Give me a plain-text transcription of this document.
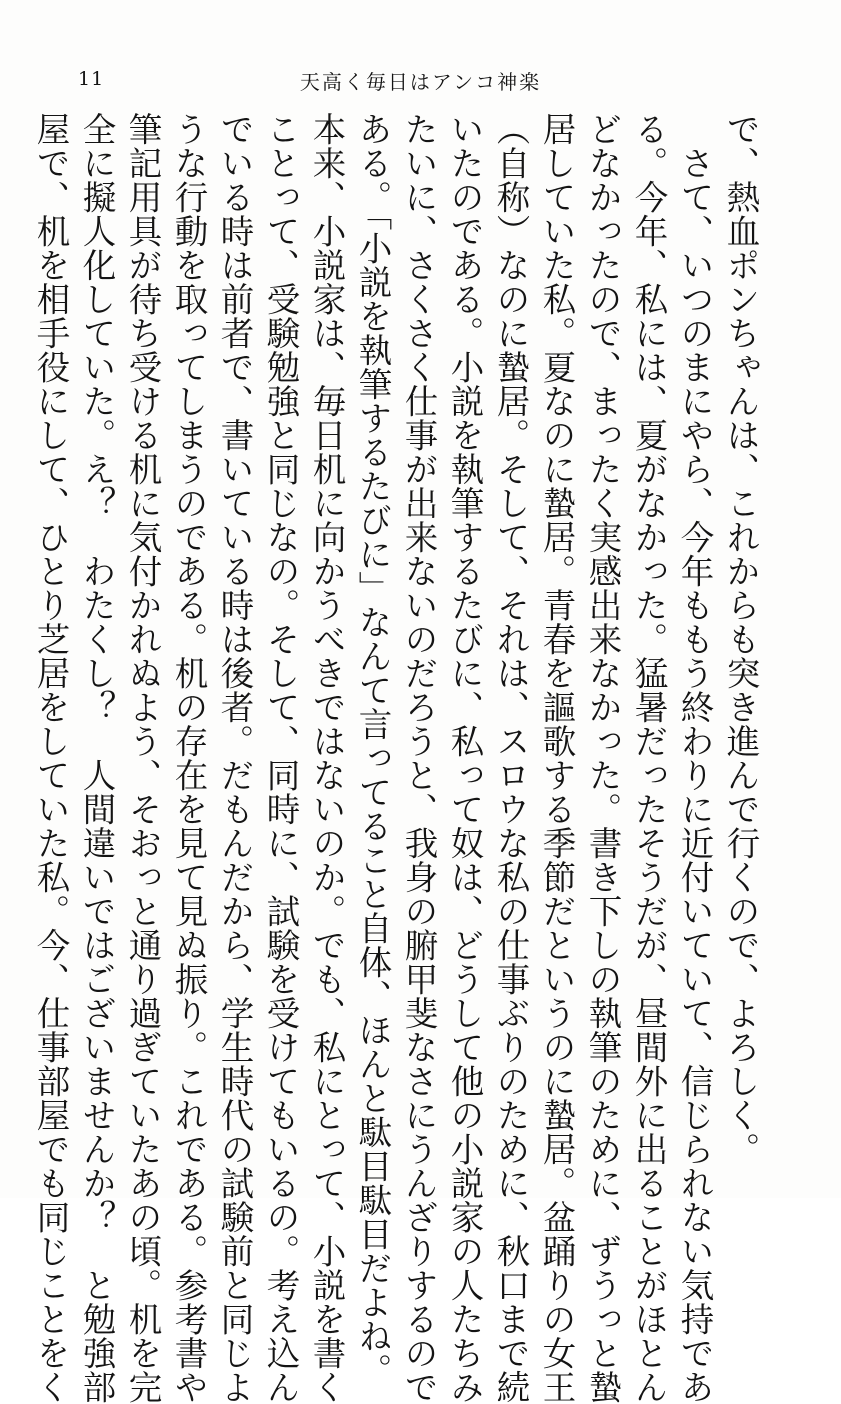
11	天高く毎日はアンコ神楽

で、熱血ポンちゃんは、これからも突き進んで行くので、よろしく。

　さて、いつのまにやら、今年ももう終わりに近付いていて、信じられない気持であ

る。今年、私には、夏がなかった。猛暑だったそうだが、昼間外に出ることがほとん

どなかったので、まったく実感出来なかった。書き下しの執筆のために、ずうっと蟄

居していた私。夏なのに蟄居。青春を謳歌する季節だというのに蟄居。盆踊りの女王

（自称）なのに蟄居。そして、それは、スロウな私の仕事ぶりのために、秋口まで続

いたのである。小説を執筆するたびに、私って奴は、どうして他の小説家の人たちみ

たいに、さくさく仕事が出来ないのだろうと、我身の腑甲斐なさにうんざりするので

ある。「小説を執筆するたびに」なんて言ってること自体、ほんと駄目駄目だよね。

本来、小説家は、毎日机に向かうべきではないのか。でも、私にとって、小説を書く

ことって、受験勉強と同じなの。そして、同時に、試験を受けてもいるの。考え込ん

でいる時は前者で、書いている時は後者。だもんだから、学生時代の試験前と同じよ

うな行動を取ってしまうのである。机の存在を見て見ぬ振り。これである。参考書や

筆記用具が待ち受ける机に気付かれぬよう、そおっと通り過ぎていたあの頃。机を完

全に擬人化していた。え？　わたくし？　人間違いではございませんか？　と勉強部

屋で、机を相手役にして、ひとり芝居をしていた私。今、仕事部屋でも同じことをく
